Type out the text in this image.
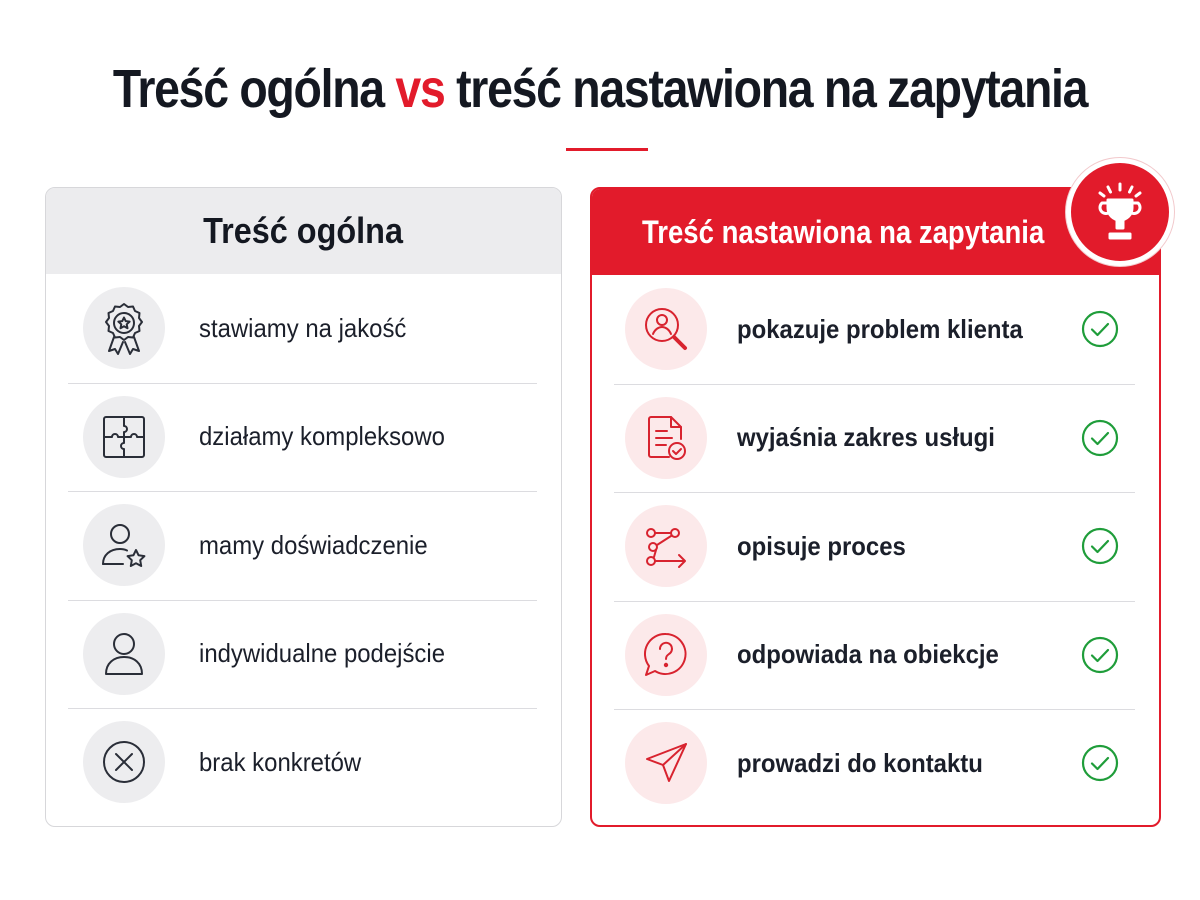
Treść ogólna vs treść nastawiona na zapytania
Treść ogólna
stawiamy na jakość
działamy kompleksowo
mamy doświadczenie
indywidualne podejście
brak konkretów
Treść nastawiona na zapytania
pokazuje problem klienta
wyjaśnia zakres usługi
opisuje proces
odpowiada na obiekcje
prowadzi do kontaktu
